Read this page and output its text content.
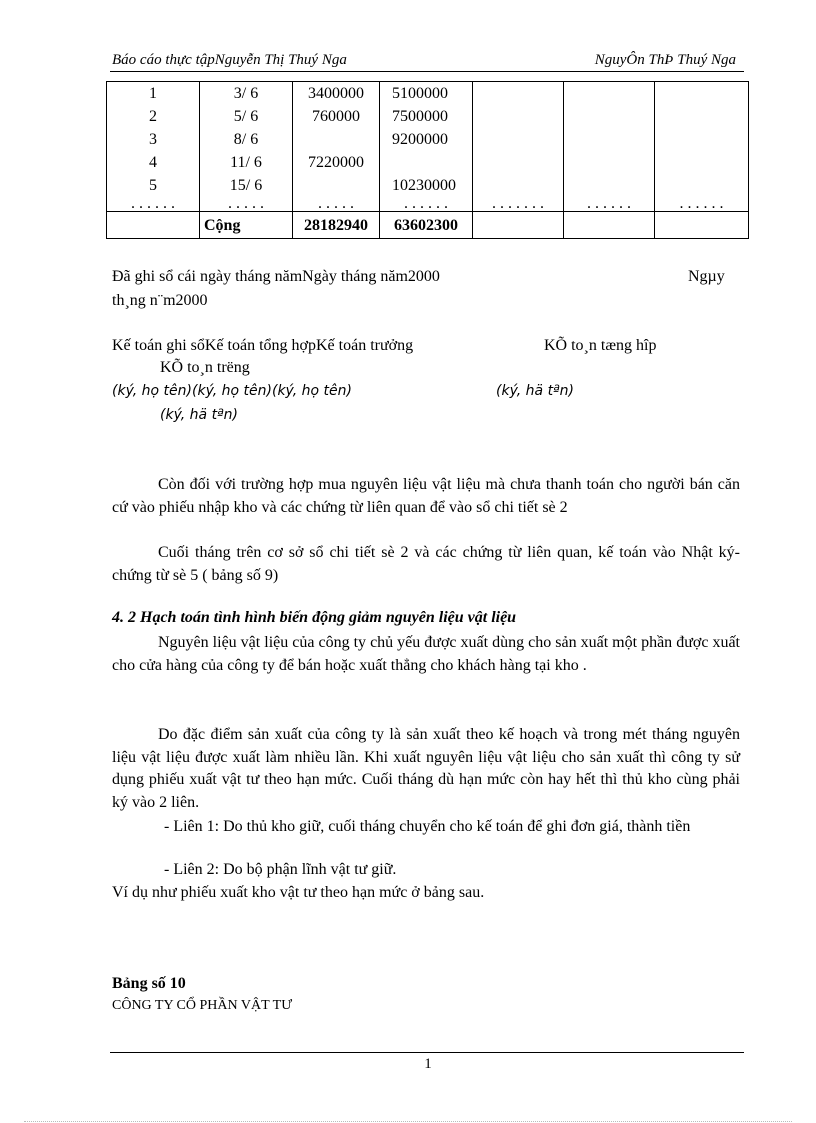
Báo cáo thực tậpNguyễn Thị Thuý Nga	NguyÔn ThÞ Thuý Nga
1	3/ 6	3400000	5100000			
2	5/ 6	760000	7500000			
3	8/ 6		9200000			
4	11/ 6	7220000				
5	15/ 6		10230000			
. . . . . .	. . . . .	. . . . .	. . . . . .	. . . . . . .	. . . . . .	. . . . . .
	Cộng	28182940	63602300			
Đã ghi sổ cái ngày tháng nămNgày tháng năm2000	Ngµy
th¸ng n¨m2000
Kế toán ghi sổKế toán tổng hợpKế toán trưởng	KÕ to¸n tæng hîp
KÕ to¸n trëng
(ký, họ tên)(ký, họ tên)(ký, họ tên)	(ký, hä tªn)
(ký, hä tªn)

Còn đối với trường hợp mua nguyên liệu vật liệu mà chưa thanh toán cho người bán căn cứ vào phiếu nhập kho và các chứng từ liên quan để vào sổ chi tiết sè 2

Cuối tháng trên cơ sở sổ chi tiết sè 2 và các chứng từ liên quan, kế toán vào Nhật ký- chứng từ sè 5 ( bảng số 9)

4. 2 Hạch toán tình hình biến động giảm nguyên liệu vật liệu

Nguyên liệu vật liệu của công ty chủ yếu được xuất dùng cho sản xuất một phần được xuất cho cửa hàng của công ty để bán hoặc xuất thẳng cho khách hàng tại kho .

Do đặc điểm sản xuất của công ty là sản xuất theo kế hoạch và trong mét tháng nguyên liệu vật liệu được xuất làm nhiều lần. Khi xuất nguyên liệu vật liệu cho sản xuất thì công ty sử dụng phiếu xuất vật tư theo hạn mức. Cuối tháng dù hạn mức còn hay hết thì thủ kho cùng phải ký vào 2 liên.

- Liên 1: Do thủ kho giữ, cuối tháng chuyển cho kế toán để ghi đơn giá, thành tiền

- Liên 2: Do bộ phận lĩnh vật tư giữ.
Ví dụ như phiếu xuất kho vật tư theo hạn mức ở bảng sau.
Bảng số 10
CÔNG TY CỔ PHẦN VẬT TƯ
1
